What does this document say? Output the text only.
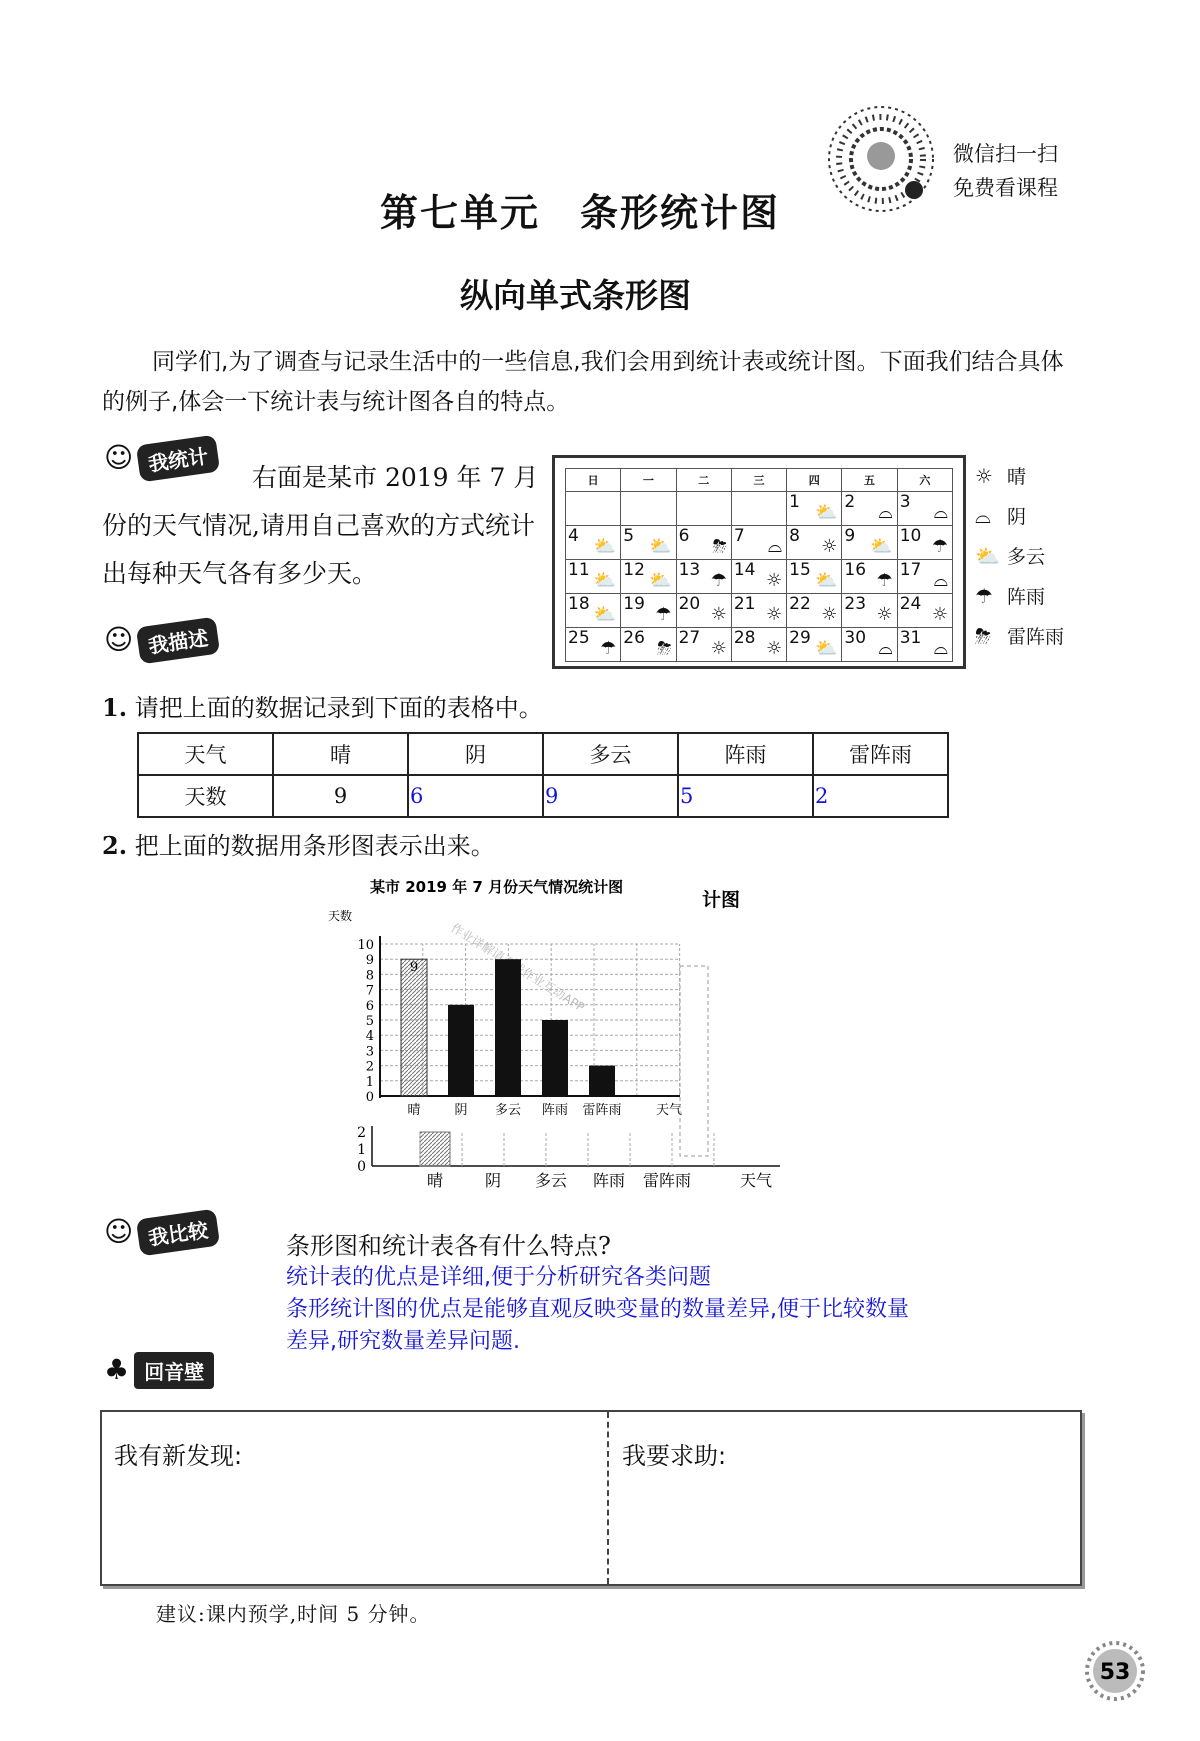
第七单元　条形统计图
微信扫一扫
免费看课程
纵向单式条形图
同学们,为了调查与记录生活中的一些信息,我们会用到统计表或统计图。下面我们结合具体的例子,体会一下统计表与统计图各自的特点。
☺ 我统计
右面是某市 2019 年 7 月份的天气情况,请用自己喜欢的方式统计出每种天气各有多少天。
日	一	二	三	四	五	六
				1 ⛅	2 ⌓	3 ⌓

4 ⛅	5 ⛅	6 ⛈	7 ⌓	8 ☼	9 ⛅	10 ☂

11 ⛅	12 ⛅	13 ☂	14 ☼	15 ⛅	16 ☂	17 ⌓

18 ⛅	19 ☂	20 ☼	21 ☼	22 ☼	23 ☼	24 ☼

25 ☂	26 ⛈	27 ☼	28 ☼	29 ⛅	30 ⌓	31 ⌓
☼ 晴
⌓ 阴
⛅ 多云
☂ 阵雨
⛈ 雷阵雨
☺ 我描述
1. 请把上面的数据记录到下面的表格中。
天气	晴	阴	多云	阵雨	雷阵雨
天数	9	6	9	5	2
2. 把上面的数据用条形图表示出来。
某市 2019 年 7 月份天气情况统计图
计图
天数
0
1
2
3
4
5
6
7
8
9
10
晴	阴 多云 阵雨 雷阵雨
9
天气
0
1
2
晴	阴 多云 阵雨 雷阵雨	天气
☺ 我比较	条形图和统计表各有什么特点?
统计表的优点是详细,便于分析研究各类问题
条形统计图的优点是能够直观反映变量的数量差异,便于比较数量
差异,研究数量差异问题.
♣ 回音壁
我有新发现:	我要求助:
建议:课内预学,时间 5 分钟。
53
